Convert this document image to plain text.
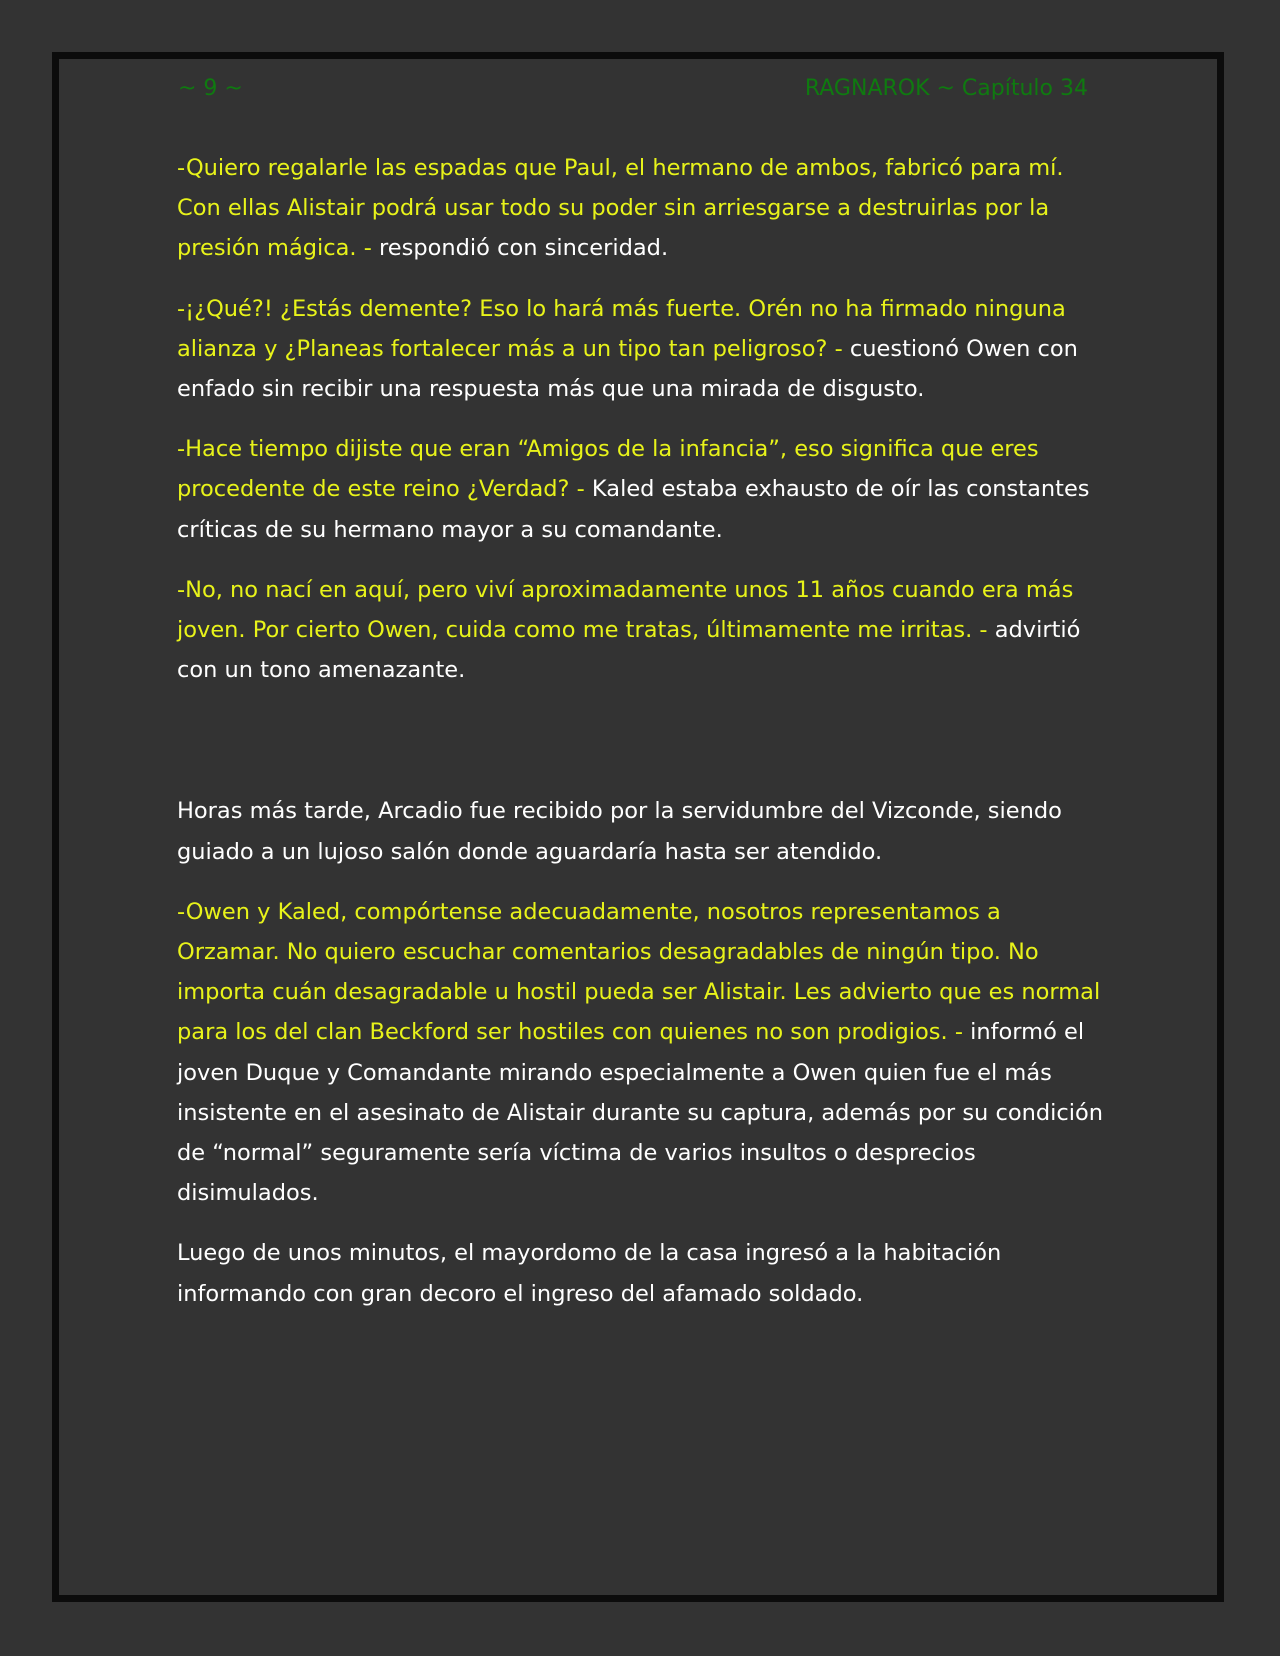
~ 9 ~	RAGNAROK ~ Capítulo 34

-Quiero regalarle las espadas que Paul, el hermano de ambos, fabricó para mí. Con ellas Alistair podrá usar todo su poder sin arriesgarse a destruirlas por la presión mágica. - respondió con sinceridad.

-¡¿Qué?! ¿Estás demente? Eso lo hará más fuerte. Orén no ha firmado ninguna alianza y ¿Planeas fortalecer más a un tipo tan peligroso? - cuestionó Owen con enfado sin recibir una respuesta más que una mirada de disgusto.

-Hace tiempo dijiste que eran “Amigos de la infancia”, eso significa que eres procedente de este reino ¿Verdad? - Kaled estaba exhausto de oír las constantes críticas de su hermano mayor a su comandante.

-No, no nací en aquí, pero viví aproximadamente unos 11 años cuando era más joven. Por cierto Owen, cuida como me tratas, últimamente me irritas. - advirtió con un tono amenazante.

Horas más tarde, Arcadio fue recibido por la servidumbre del Vizconde, siendo guiado a un lujoso salón donde aguardaría hasta ser atendido.

-Owen y Kaled, compórtense adecuadamente, nosotros representamos a Orzamar. No quiero escuchar comentarios desagradables de ningún tipo. No importa cuán desagradable u hostil pueda ser Alistair. Les advierto que es normal para los del clan Beckford ser hostiles con quienes no son prodigios. - informó el joven Duque y Comandante mirando especialmente a Owen quien fue el más insistente en el asesinato de Alistair durante su captura, además por su condición de “normal” seguramente sería víctima de varios insultos o desprecios disimulados.

Luego de unos minutos, el mayordomo de la casa ingresó a la habitación informando con gran decoro el ingreso del afamado soldado.
